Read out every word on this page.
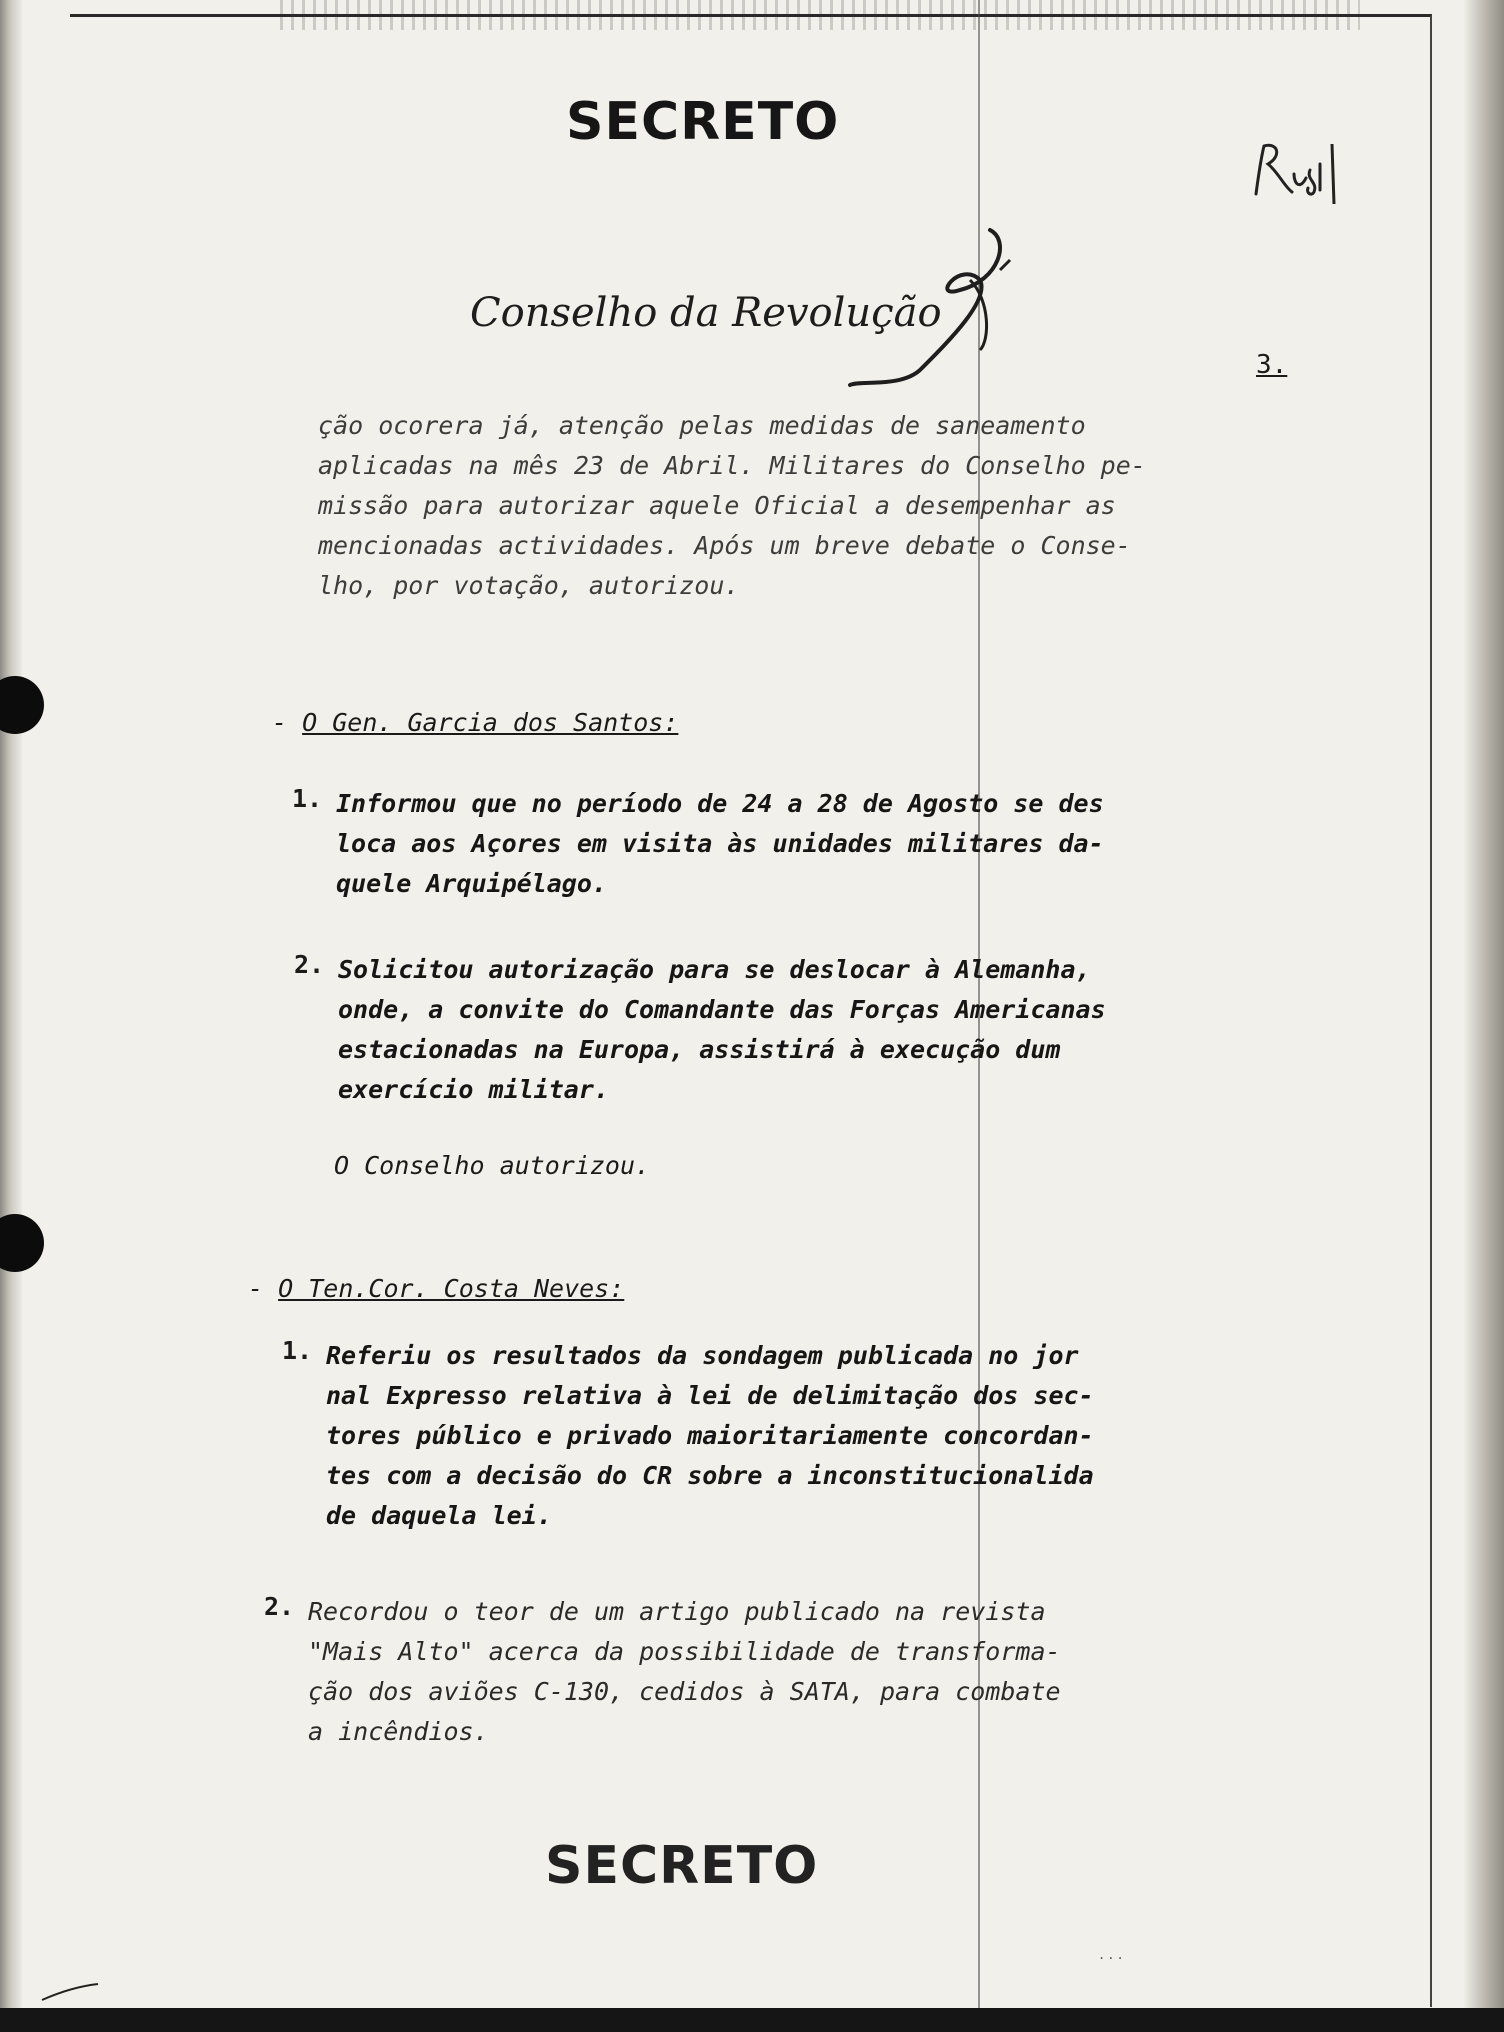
SECRETO
Conselho da Revolução
3.
ção ocorera já, atenção pelas medidas de saneamento
aplicadas na mês 23 de Abril. Militares do Conselho pe-
missão para autorizar aquele Oficial a desempenhar as
mencionadas actividades. Após um breve debate o Conse-
lho, por votação, autorizou.
- O Gen. Garcia dos Santos:
1. Informou que no período de 24 a 28 de Agosto se des
loca aos Açores em visita às unidades militares da-
quele Arquipélago.
2. Solicitou autorização para se deslocar à Alemanha,
onde, a convite do Comandante das Forças Americanas
estacionadas na Europa, assistirá à execução dum
exercício militar.
O Conselho autorizou.
- O Ten.Cor. Costa Neves:
1. Referiu os resultados da sondagem publicada no jor
nal Expresso relativa à lei de delimitação dos sec-
tores público e privado maioritariamente concordan-
tes com a decisão do CR sobre a inconstitucionalida
de daquela lei.
2. Recordou o teor de um artigo publicado na revista
"Mais Alto" acerca da possibilidade de transforma-
ção dos aviões C-130, cedidos à SATA, para combate
a incêndios.
SECRETO
...
